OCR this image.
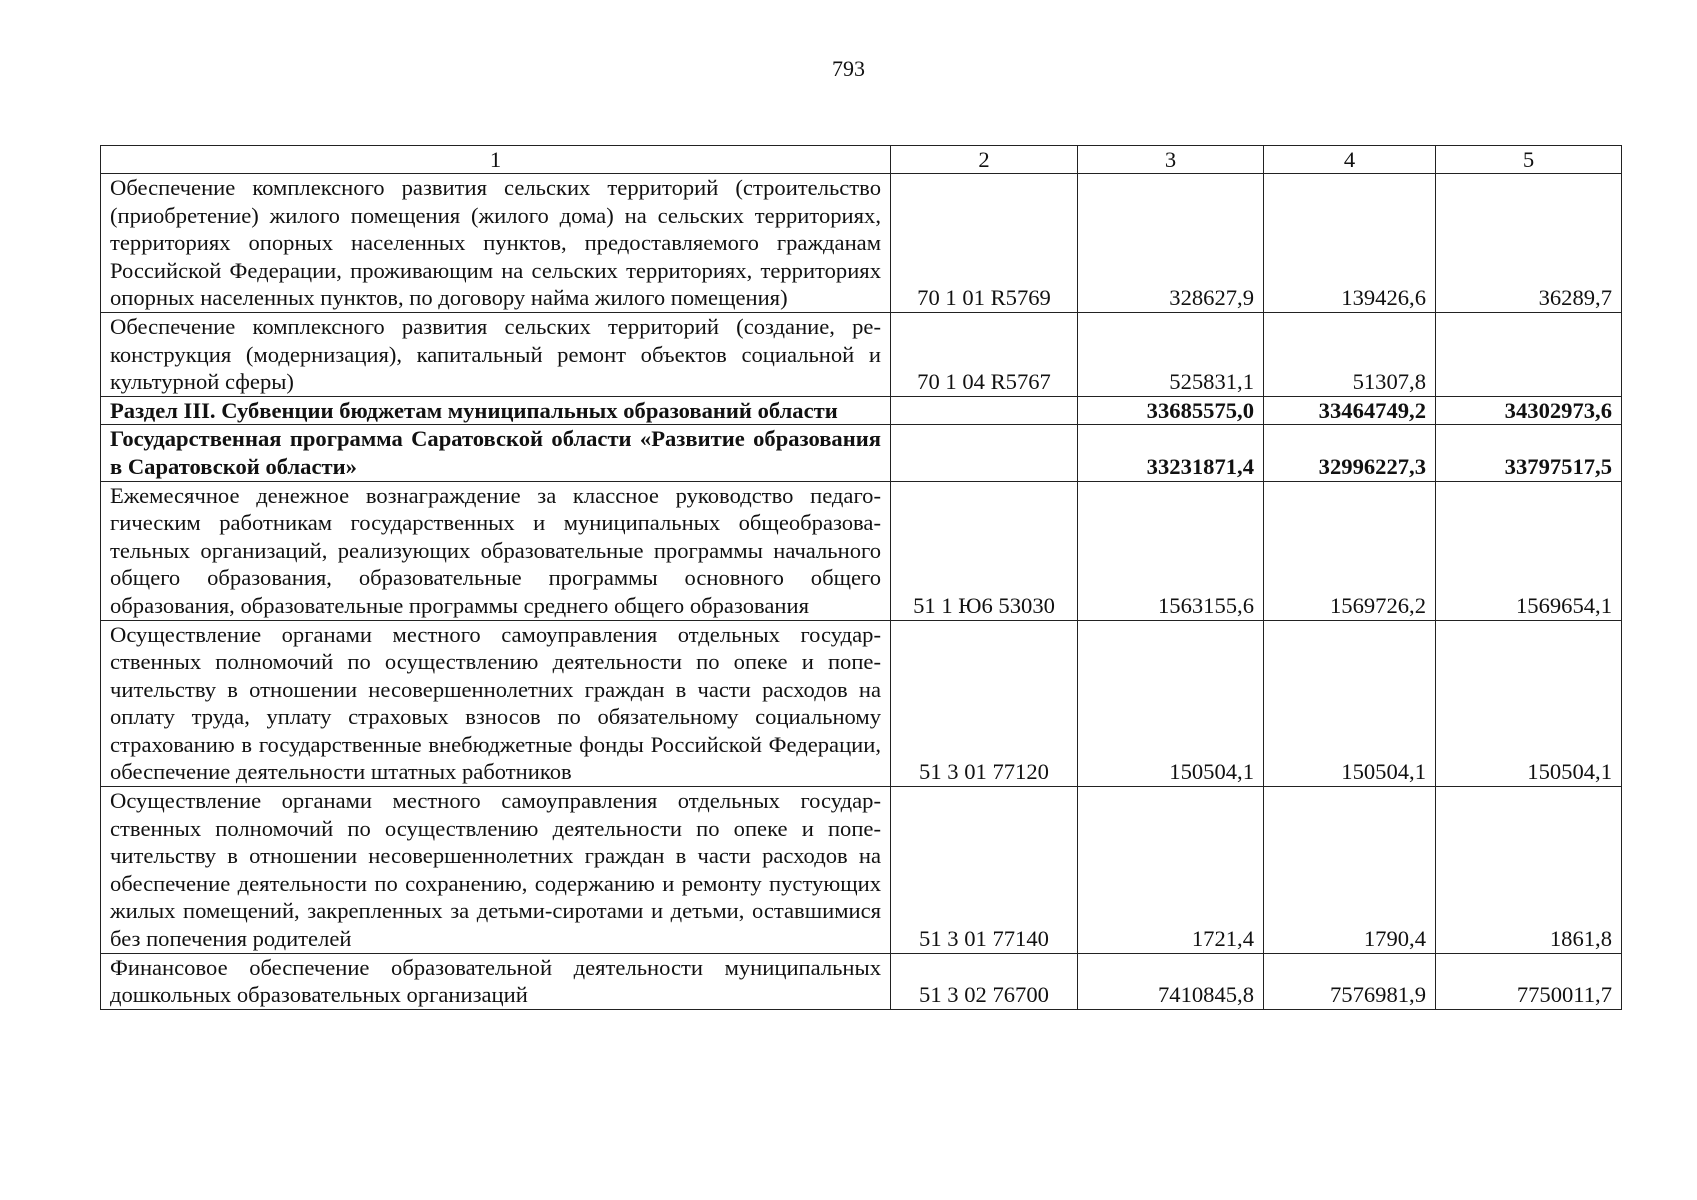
793
1	2	3	4	5
Обеспечение комплексного развития сельских территорий (строительство (приобретение) жилого помещения (жилого дома) на сельских территориях, территориях опорных населенных пунктов, предоставляемого гражданам Российской Федерации, проживающим на сельских территориях, территориях опорных населенных пунктов, по договору найма жилого помещения)	70 1 01 R5769	328627,9	139426,6	36289,7
Обеспечение комплексного развития сельских территорий (создание, реконструкция (модернизация), капитальный ремонт объектов социальной и культурной сферы)	70 1 04 R5767	525831,1	51307,8	
Раздел III. Субвенции бюджетам муниципальных образований области		33685575,0	33464749,2	34302973,6
Государственная программа Саратовской области «Развитие образования в Саратовской области»		33231871,4	32996227,3	33797517,5
Ежемесячное денежное вознаграждение за классное руководство педагогическим работникам государственных и муниципальных общеобразовательных организаций, реализующих образовательные программы начального общего образования, образовательные программы основного общего образования, образовательные программы среднего общего образования	51 1 Ю6 53030	1563155,6	1569726,2	1569654,1
Осуществление органами местного самоуправления отдельных государственных полномочий по осуществлению деятельности по опеке и попечительству в отношении несовершеннолетних граждан в части расходов на оплату труда, уплату страховых взносов по обязательному социальному страхованию в государственные внебюджетные фонды Российской Федерации, обеспечение деятельности штатных работников	51 3 01 77120	150504,1	150504,1	150504,1
Осуществление органами местного самоуправления отдельных государственных полномочий по осуществлению деятельности по опеке и попечительству в отношении несовершеннолетних граждан в части расходов на обеспечение деятельности по сохранению, содержанию и ремонту пустующих жилых помещений, закрепленных за детьми-сиротами и детьми, оставшимися без попечения родителей	51 3 01 77140	1721,4	1790,4	1861,8
Финансовое обеспечение образовательной деятельности муниципальных дошкольных образовательных организаций	51 3 02 76700	7410845,8	7576981,9	7750011,7
